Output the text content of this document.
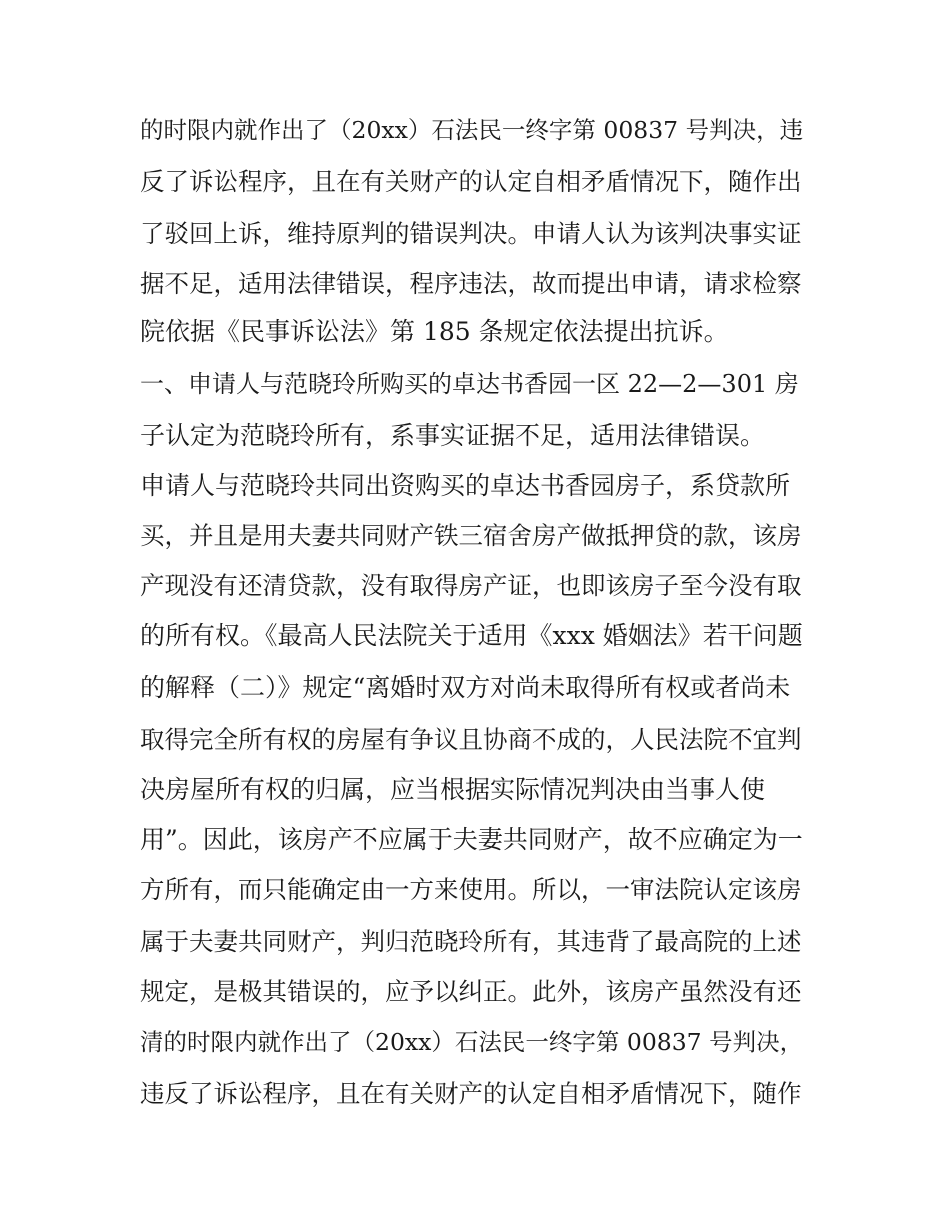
的时限内就作出了（20xx）石法民一终字第 00837 号判决，违

反了诉讼程序，且在有关财产的认定自相矛盾情况下，随作出

了驳回上诉，维持原判的错误判决。申请人认为该判决事实证

据不足，适用法律错误，程序违法，故而提出申请，请求检察

院依据《民事诉讼法》第 185 条规定依法提出抗诉。

一、申请人与范晓玲所购买的卓达书香园一区 22—2—301 房

子认定为范晓玲所有，系事实证据不足，适用法律错误。

申请人与范晓玲共同出资购买的卓达书香园房子，系贷款所

买，并且是用夫妻共同财产铁三宿舍房产做抵押贷的款，该房

产现没有还清贷款，没有取得房产证，也即该房子至今没有取

的所有权。《最高人民法院关于适用《xxx 婚姻法》若干问题

的解释（二）》规定“离婚时双方对尚未取得所有权或者尚未

取得完全所有权的房屋有争议且协商不成的，人民法院不宜判

决房屋所有权的归属，应当根据实际情况判决由当事人使

用”。因此，该房产不应属于夫妻共同财产，故不应确定为一

方所有，而只能确定由一方来使用。所以，一审法院认定该房

属于夫妻共同财产，判归范晓玲所有，其违背了最高院的上述

规定，是极其错误的，应予以纠正。此外，该房产虽然没有还

清的时限内就作出了（20xx）石法民一终字第 00837 号判决，

违反了诉讼程序，且在有关财产的认定自相矛盾情况下，随作
